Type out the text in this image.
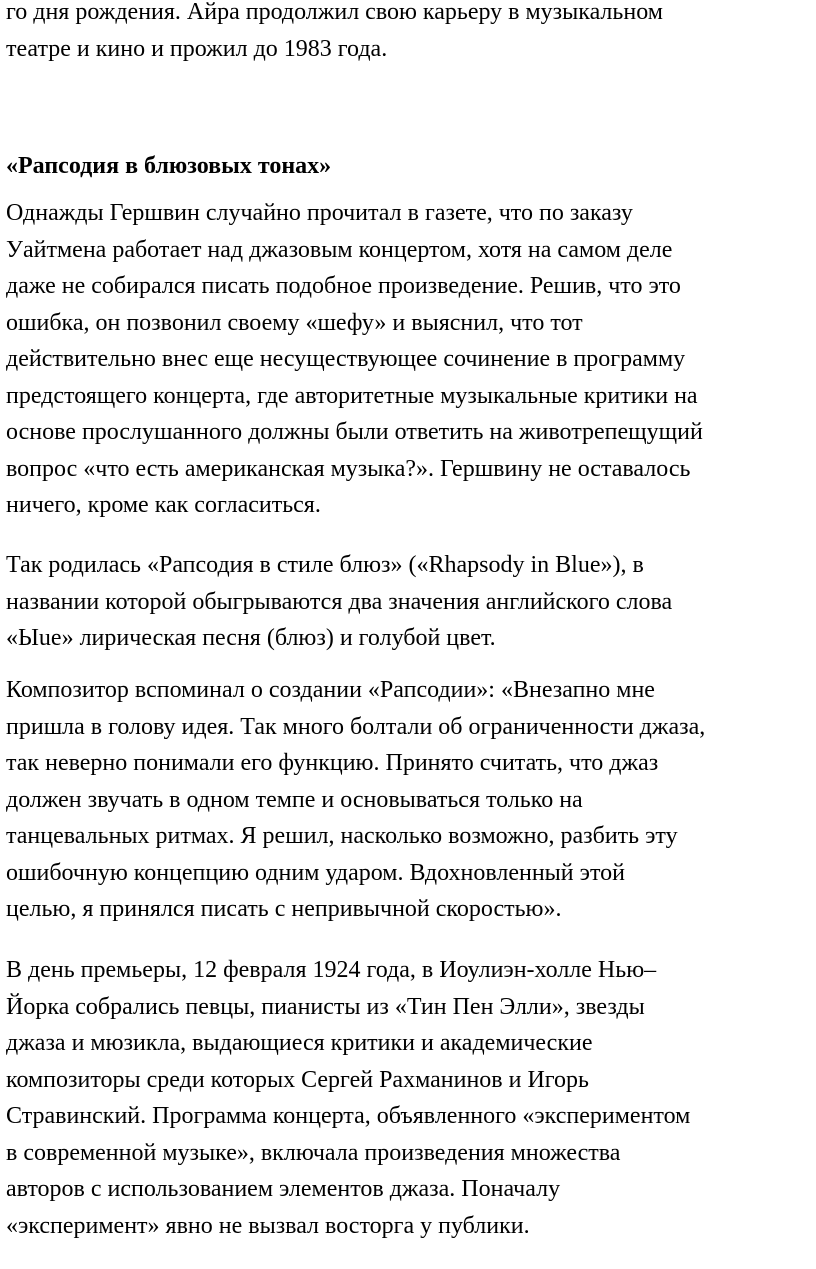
го дня рождения. Айра продолжил свою карьеру в музыкальном
театре и кино и прожил до 1983 года.
«Рапсодия в блюзовых тонах»
Однажды Гершвин случайно прочитал в газете, что по заказу
Уайтмена работает над джазовым концертом, хотя на самом деле
даже не собирался писать подобное произведение. Решив, что это
ошибка, он позвонил своему «шефу» и выяснил, что тот
действительно внес еще несуществующее сочинение в программу
предстоящего концерта, где авторитетные музыкальные критики на
основе прослушанного должны были ответить на животрепещущий
вопрос «что есть американская музыка?». Гершвину не оставалось
ничего, кроме как согласиться.
Так родилась «Рапсодия в стиле блюз» («Rhapsody in Blue»), в
названии которой обыгрываются два значения английского слова
«Ыue» лирическая песня (блюз) и голубой цвет.
Композитор вспоминал о создании «Рапсодии»: «Внезапно мне
пришла в голову идея. Так много болтали об ограниченности джаза,
так неверно понимали его функцию. Принято считать, что джаз
должен звучать в одном темпе и основываться только на
танцевальных ритмах. Я решил, насколько возможно, разбить эту
ошибочную концепцию одним ударом. Вдохновленный этой
целью, я принялся писать с непривычной скоростью».
В день премьеры, 12 февраля 1924 года, в Иоулиэн-холле Нью–
Йорка собрались певцы, пианисты из «Тин Пен Элли», звезды
джаза и мюзикла, выдающиеся критики и академические
композиторы среди которых Сергей Рахманинов и Игорь
Стравинский. Программа концерта, объявленного «экспериментом
в современной музыке», включала произведения множества
авторов с использованием элементов джаза. Поначалу
«эксперимент» явно не вызвал восторга у публики.
